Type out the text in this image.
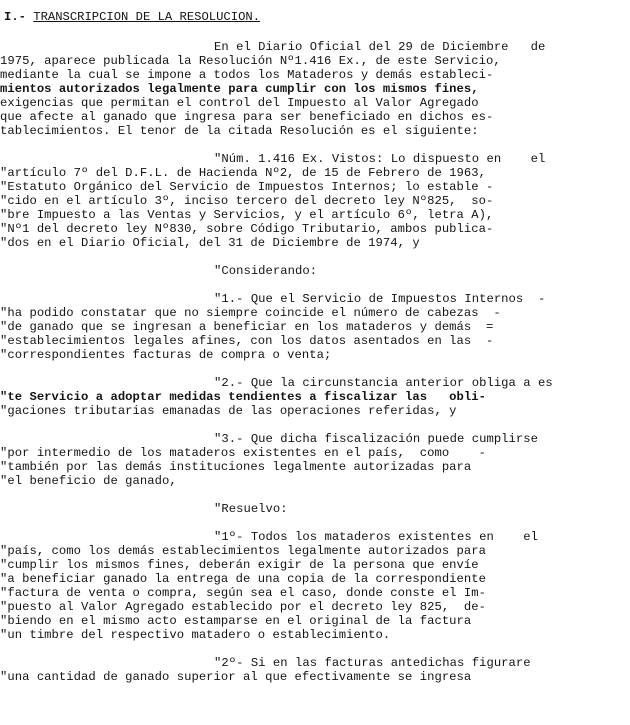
I.- TRANSCRIPCION DE LA RESOLUCION.
En el Diario Oficial del 29 de Diciembre   de
1975, aparece publicada la Resolución Nº1.416 Ex., de este Servicio,
mediante la cual se impone a todos los Mataderos y demás estableci-
mientos autorizados legalmente para cumplir con los mismos fines,
exigencias que permitan el control del Impuesto al Valor Agregado
que afecte al ganado que ingresa para ser beneficiado en dichos es-
tablecimientos. El tenor de la citada Resolución es el siguiente:
"Núm. 1.416 Ex. Vistos: Lo dispuesto en    el
"artículo 7º del D.F.L. de Hacienda Nº2, de 15 de Febrero de 1963,
"Estatuto Orgánico del Servicio de Impuestos Internos; lo estable -
"cido en el artículo 3º, inciso tercero del decreto ley Nº825,  so-
"bre Impuesto a las Ventas y Servicios, y el artículo 6º, letra A),
"Nº1 del decreto ley Nº830, sobre Código Tributario, ambos publica-
"dos en el Diario Oficial, del 31 de Diciembre de 1974, y
"Considerando:
"1.- Que el Servicio de Impuestos Internos  -
"ha podido constatar que no siempre coincide el número de cabezas  -
"de ganado que se ingresan a beneficiar en los mataderos y demás  =
"establecimientos legales afines, con los datos asentados en las  -
"correspondientes facturas de compra o venta;
"2.- Que la circunstancia anterior obliga a es
"te Servicio a adoptar medidas tendientes a fiscalizar las   obli-
"gaciones tributarias emanadas de las operaciones referidas, y
"3.- Que dicha fiscalización puede cumplirse
"por intermedio de los mataderos existentes en el país,  como    -
"también por las demás instituciones legalmente autorizadas para
"el beneficio de ganado,
"Resuelvo:
"1º- Todos los mataderos existentes en    el
"país, como los demás establecimientos legalmente autorizados para
"cumplir los mismos fines, deberán exigir de la persona que envíe
"a beneficiar ganado la entrega de una copia de la correspondiente
"factura de venta o compra, según sea el caso, donde conste el Im-
"puesto al Valor Agregado establecido por el decreto ley 825,  de-
"biendo en el mismo acto estamparse en el original de la factura
"un timbre del respectivo matadero o establecimiento.
"2º- Si en las facturas antedichas figurare
"una cantidad de ganado superior al que efectivamente se ingresa
